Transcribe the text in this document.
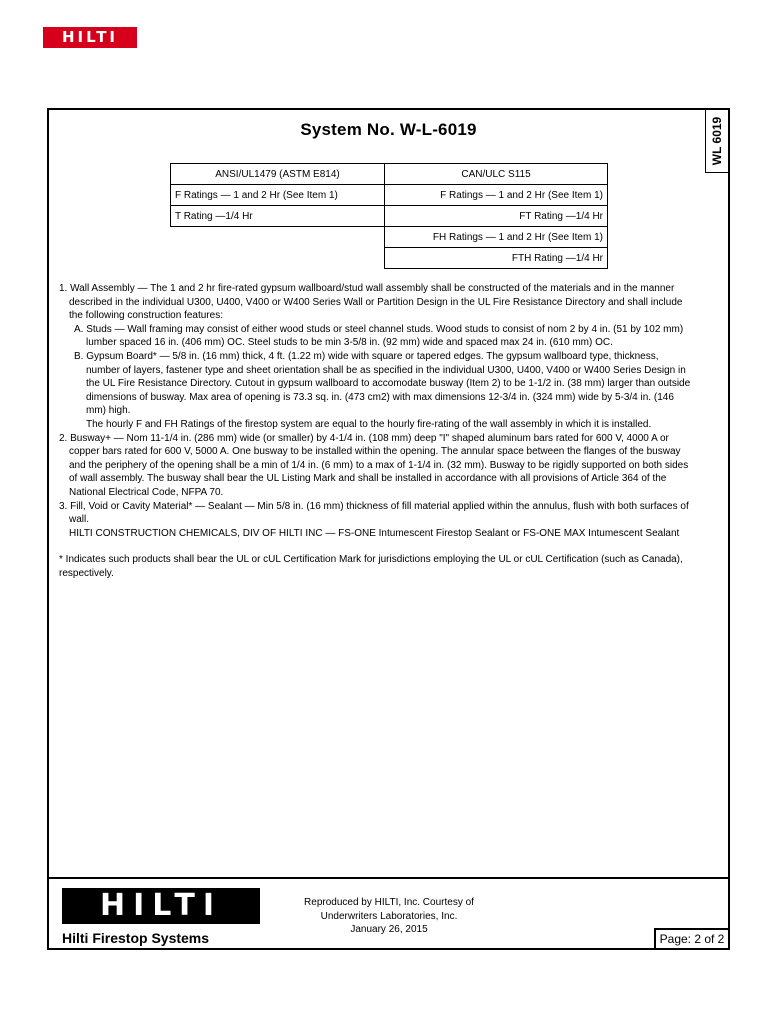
HILTI
WL 6019
System No. W-L-6019
ANSI/UL1479 (ASTM E814)	CAN/ULC S115
F Ratings — 1 and 2 Hr (See Item 1)	F Ratings — 1 and 2 Hr (See Item 1)
T Rating —1/4 Hr	FT Rating —1/4 Hr
	FH Ratings — 1 and 2 Hr (See Item 1)
	FTH Rating —1/4 Hr

1. Wall Assembly — The 1 and 2 hr fire-rated gypsum wallboard/stud wall assembly shall be constructed of the materials and in the manner described in the individual U300, U400, V400 or W400 Series Wall or Partition Design in the UL Fire Resistance Directory and shall include the following construction features:

A. Studs — Wall framing may consist of either wood studs or steel channel studs. Wood studs to consist of nom 2 by 4 in. (51 by 102 mm) lumber spaced 16 in. (406 mm) OC. Steel studs to be min 3-5/8 in. (92 mm) wide and spaced max 24 in. (610 mm) OC.

B. Gypsum Board* — 5/8 in. (16 mm) thick, 4 ft. (1.22 m) wide with square or tapered edges. The gypsum wallboard type, thickness, number of layers, fastener type and sheet orientation shall be as specified in the individual U300, U400, V400 or W400 Series Design in the UL Fire Resistance Directory. Cutout in gypsum wallboard to accomodate busway (Item 2) to be 1-1/2 in. (38 mm) larger than outside dimensions of busway. Max area of opening is 73.3 sq. in. (473 cm2) with max dimensions 12-3/4 in. (324 mm) wide by 5-3/4 in. (146 mm) high.

The hourly F and FH Ratings of the firestop system are equal to the hourly fire-rating of the wall assembly in which it is installed.

2. Busway+ — Nom 11-1/4 in. (286 mm) wide (or smaller) by 4-1/4 in. (108 mm) deep "I" shaped aluminum bars rated for 600 V, 4000 A or copper bars rated for 600 V, 5000 A. One busway to be installed within the opening. The annular space between the flanges of the busway and the periphery of the opening shall be a min of 1/4 in. (6 mm) to a max of 1-1/4 in. (32 mm). Busway to be rigidly supported on both sides of wall assembly. The busway shall bear the UL Listing Mark and shall be installed in accordance with all provisions of Article 364 of the National Electrical Code, NFPA 70.

3. Fill, Void or Cavity Material* — Sealant — Min 5/8 in. (16 mm) thickness of fill material applied within the annulus, flush with both surfaces of wall.

HILTI CONSTRUCTION CHEMICALS, DIV OF HILTI INC — FS-ONE Intumescent Firestop Sealant or FS-ONE MAX Intumescent Sealant

* Indicates such products shall bear the UL or cUL Certification Mark for jurisdictions employing the UL or cUL Certification (such as Canada), respectively.

HILTI
Hilti Firestop Systems
Reproduced by HILTI, Inc. Courtesy of
Underwriters Laboratories, Inc.
January 26, 2015
Page: 2 of 2
